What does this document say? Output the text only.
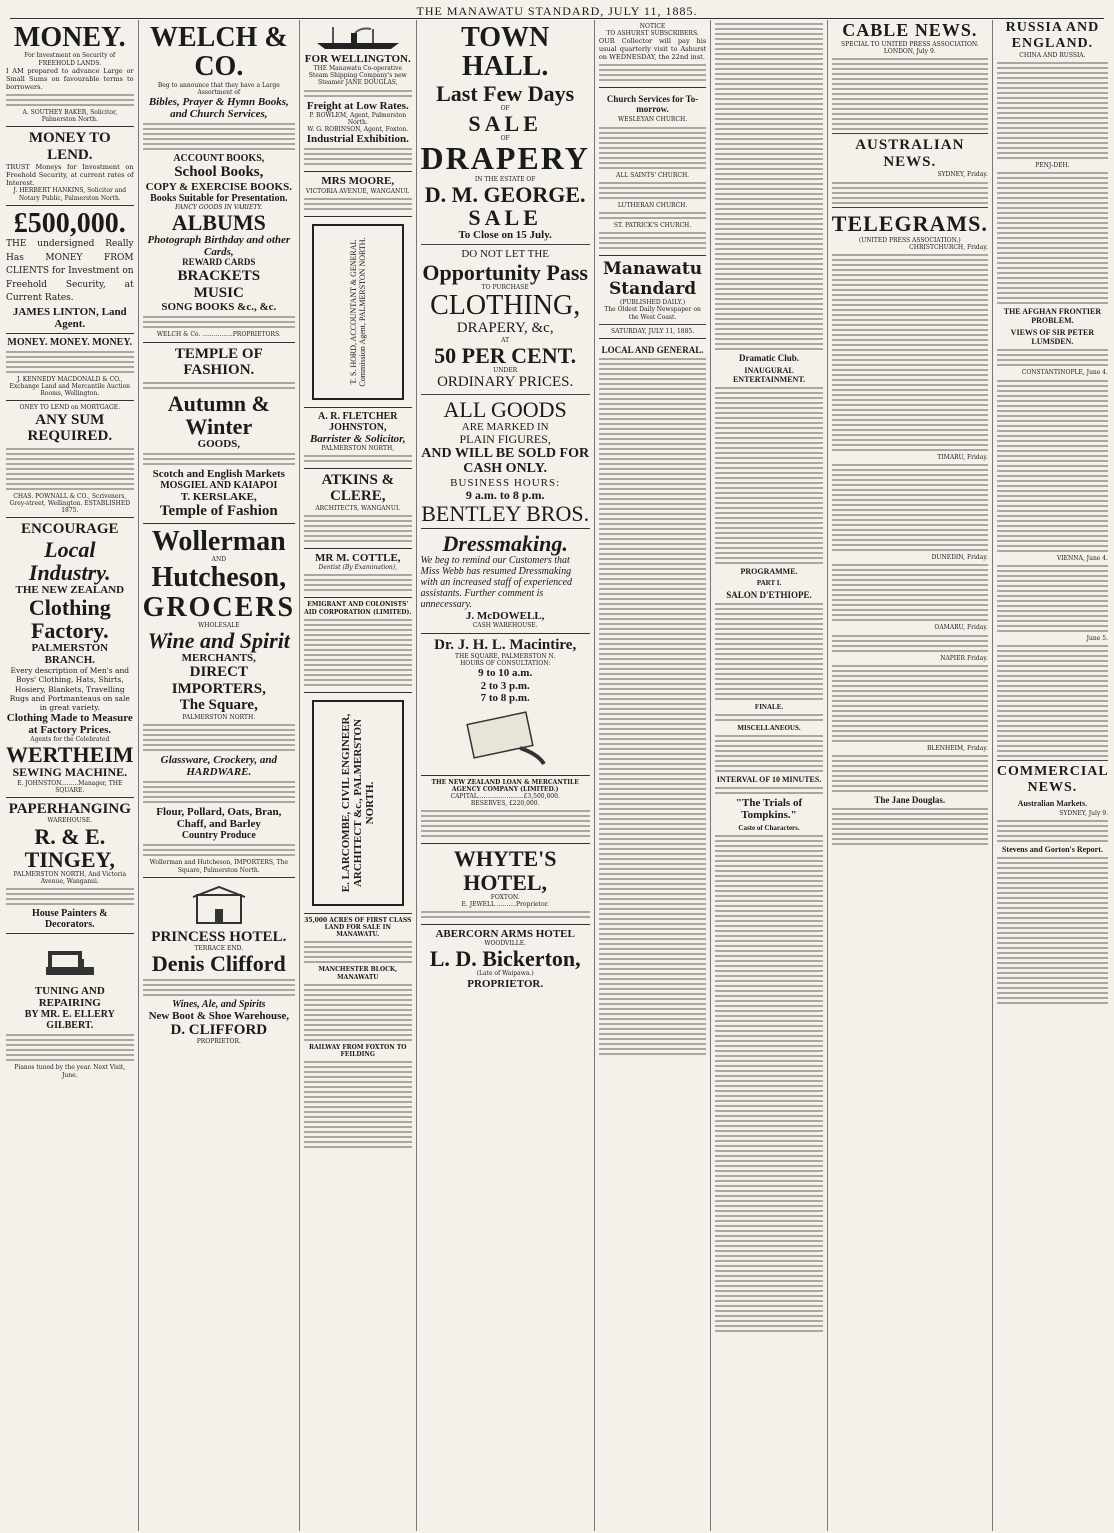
THE MANAWATU STANDARD, JULY 11, 1885.
MONEY.
For Investment on Security of FREEHOLD LANDS.
I AM prepared to advance Large or Small Sums on favourable terms to borrowers.
A. SOUTHEY BAKER, Solicitor, Palmerston North.
MONEY TO LEND.
TRUST Moneys for Investment on Freehold Security, at current rates of Interest.
J. HERBERT HANKINS, Solicitor and Notary Public, Palmerston North.
£500,000.
THE undersigned Really Has MONEY FROM CLIENTS for Investment on Freehold Security, at Current Rates.
JAMES LINTON, Land Agent.
MONEY. MONEY. MONEY.
J. KENNEDY MACDONALD & CO., Exchange Land and Mercantile Auction Rooms, Wellington.
ONEY TO LEND on MORTGAGE.
ANY SUM REQUIRED.
CHAS. POWNALL & CO., Scriveners, Grey-street, Wellington. ESTABLISHED 1875.
ENCOURAGE
Local Industry.
THE NEW ZEALAND
Clothing Factory.
PALMERSTON BRANCH.
Every description of Men's and Boys' Clothing, Hats, Shirts, Hosiery, Blankets, Travelling Rugs and Portmanteaus on sale in great variety.
Clothing Made to Measure at Factory Prices.
Agents for the Celebrated
WERTHEIM
SEWING MACHINE.
E. JOHNSTON.........Manager, THE SQUARE.
PAPERHANGING
WAREHOUSE.
R. & E. TINGEY,
PALMERSTON NORTH, And Victoria Avenue, Wanganui.
House Painters & Decorators.
TUNING AND REPAIRING
BY MR. E. ELLERY GILBERT.
Pianos tuned by the year. Next Visit, June.
WELCH & CO.
Beg to announce that they have a Large Assortment of
Bibles, Prayer & Hymn Books, and Church Services,
ACCOUNT BOOKS,
School Books,
COPY & EXERCISE BOOKS.
Books Suitable for Presentation.
FANCY GOODS IN VARIETY.
ALBUMS
Photograph Birthday and other Cards,
REWARD CARDS
BRACKETS
MUSIC
SONG BOOKS &c., &c.
WELCH & Co. ................PROPRIETORS.
TEMPLE OF FASHION.
Autumn & Winter
GOODS,
Scotch and English Markets
MOSGIEL AND KAIAPOI
T. KERSLAKE,
Temple of Fashion
Wollerman
AND
Hutcheson,
GROCERS
WHOLESALE
Wine and Spirit
MERCHANTS,
DIRECT IMPORTERS,
The Square,
PALMERSTON NORTH.
Glassware, Crockery, and HARDWARE.
Flour, Pollard, Oats, Bran, Chaff, and Barley
Country Produce
Wollerman and Hutcheson, IMPORTERS, The Square, Palmerston North.
PRINCESS HOTEL.
TERRACE END.
Denis Clifford
Wines, Ale, and Spirits
New Boot & Shoe Warehouse,
D. CLIFFORD
PROPRIETOR.
FOR WELLINGTON.
THE Manawatu Co-operative Steam Shipping Company's new Steamer JANE DOUGLAS,
Freight at Low Rates.
P. ROWLEM, Agent, Palmerston North.
W. G. ROBINSON, Agent, Foxton.
Industrial Exhibition.
MRS MOORE,
VICTORIA AVENUE, WANGANUI.
T. S. HORD, ACCOUNTANT & GENERAL Commission Agent, PALMERSTON NORTH.
A. R. FLETCHER JOHNSTON,
Barrister & Solicitor,
PALMERSTON NORTH,
ATKINS & CLERE,
ARCHITECTS, WANGANUI.
MR M. COTTLE,
Dentist (By Examination),
EMIGRANT AND COLONISTS' AID CORPORATION (LIMITED).
E. LARCOMBE, CIVIL ENGINEER, ARCHITECT &c., PALMERSTON NORTH.
35,000 ACRES OF FIRST CLASS LAND FOR SALE IN MANAWATU.
MANCHESTER BLOCK, MANAWATU
RAILWAY FROM FOXTON TO FEILDING
TOWN HALL.
Last Few Days
OF
SALE
OF
DRAPERY
IN THE ESTATE OF
D. M. GEORGE.
SALE
To Close on 15 July.
DO NOT LET THE
Opportunity Pass
TO PURCHASE
CLOTHING,
DRAPERY, &c,
AT
50 PER CENT.
UNDER
ORDINARY PRICES.
ALL GOODS
ARE MARKED IN
PLAIN FIGURES,
AND WILL BE SOLD FOR CASH ONLY.
BUSINESS HOURS:
9 a.m. to 8 p.m.
BENTLEY BROS.
Dressmaking.
We beg to remind our Customers that Miss Webb has resumed Dressmaking with an increased staff of experienced assistants. Further comment is unnecessary.
J. McDOWELL,
CASH WAREHOUSE.
Dr. J. H. L. Macintire,
THE SQUARE, PALMERSTON N.
HOURS OF CONSULTATION:
9 to 10 a.m.
2 to 3 p.m.
7 to 8 p.m.
THE NEW ZEALAND LOAN & MERCANTILE AGENCY COMPANY (LIMITED.)
CAPITAL........................£3,500,000.
RESERVES, £220,000.
WHYTE'S HOTEL,
FOXTON.
E. JEWELL ..........Proprietor.
ABERCORN ARMS HOTEL
WOODVILLE.
L. D. Bickerton,
(Late of Waipawa.)
PROPRIETOR.
NOTICE
TO ASHURST SUBSCRIBERS.
OUR Collector will pay his usual quarterly visit to Ashurst on WEDNESDAY, the 22nd inst.
Church Services for To-morrow.
WESLEYAN CHURCH.
ALL SAINTS' CHURCH.
LUTHERAN CHURCH.
ST. PATRICK'S CHURCH.
Manawatu Standard
(PUBLISHED DAILY.)
The Oldest Daily Newspaper on the West Coast.
SATURDAY, JULY 11, 1885.
LOCAL AND GENERAL.
Dramatic Club.
INAUGURAL ENTERTAINMENT.
PROGRAMME.
PART I.
SALON D'ETHIOPE.
FINALE.
MISCELLANEOUS.
INTERVAL OF 10 MINUTES.
"The Trials of Tompkins."
Caste of Characters.
CABLE NEWS.
SPECIAL TO UNITED PRESS ASSOCIATION.
LONDON, July 9.
AUSTRALIAN NEWS.
SYDNEY, Friday.
TELEGRAMS.
(UNITED PRESS ASSOCIATION.)
CHRISTCHURCH, Friday.
TIMARU, Friday.
DUNEDIN, Friday.
OAMARU, Friday.
NAPIER Friday.
BLENHEIM, Friday.
The Jane Douglas.
RUSSIA AND ENGLAND.
CHINA AND RUSSIA.
PENJ-DEH.
THE AFGHAN FRONTIER PROBLEM.
VIEWS OF SIR PETER LUMSDEN.
CONSTANTINOPLE, June 4.
VIENNA, June 4.
June 5.
COMMERCIAL NEWS.
Australian Markets.
SYDNEY, July 9.
Stevens and Gorton's Report.
